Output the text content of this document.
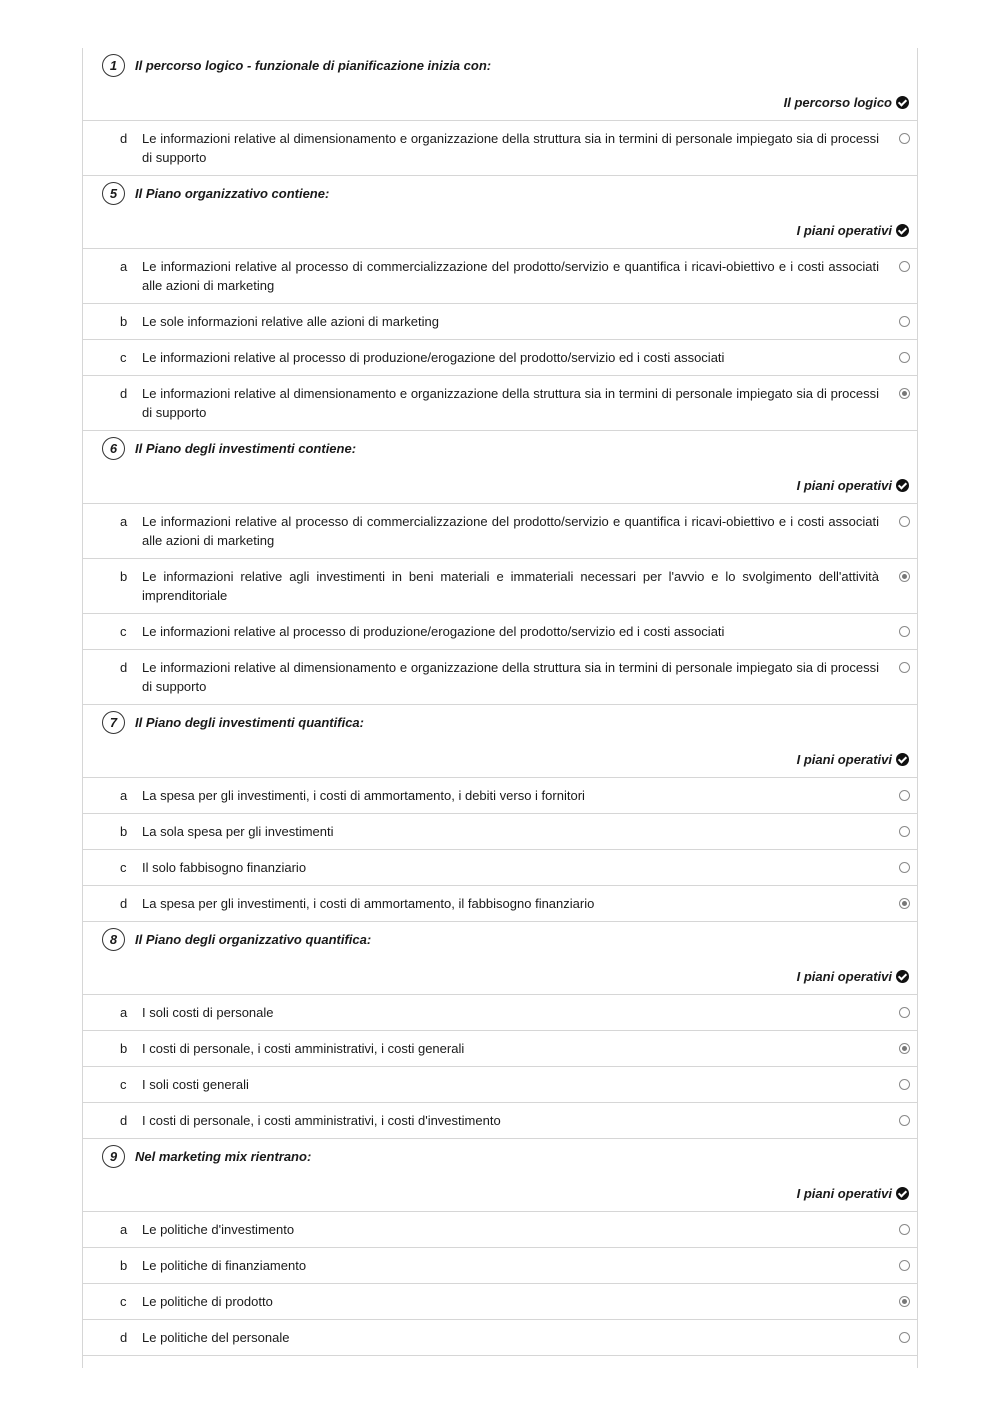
1	Il percorso logico - funzionale di pianificazione inizia con:
Il percorso logico
d Le informazioni relative al dimensionamento e organizzazione della struttura sia in termini di personale impiegato sia di processi di supporto
5	Il Piano organizzativo contiene:
I piani operativi
a Le informazioni relative al processo di commercializzazione del prodotto/servizio e quantifica i ricavi-obiettivo e i costi associati alle azioni di marketing
b Le sole informazioni relative alle azioni di marketing
c Le informazioni relative al processo di produzione/erogazione del prodotto/servizio ed i costi associati
d Le informazioni relative al dimensionamento e organizzazione della struttura sia in termini di personale impiegato sia di processi di supporto
6	Il Piano degli investimenti contiene:
I piani operativi
a Le informazioni relative al processo di commercializzazione del prodotto/servizio e quantifica i ricavi-obiettivo e i costi associati alle azioni di marketing
b Le informazioni relative agli investimenti in beni materiali e immateriali necessari per l'avvio e lo svolgimento dell'attività imprenditoriale
c Le informazioni relative al processo di produzione/erogazione del prodotto/servizio ed i costi associati
d Le informazioni relative al dimensionamento e organizzazione della struttura sia in termini di personale impiegato sia di processi di supporto
7	Il Piano degli investimenti quantifica:
I piani operativi
a La spesa per gli investimenti, i costi di ammortamento, i debiti verso i fornitori
b La sola spesa per gli investimenti
c Il solo fabbisogno finanziario
d La spesa per gli investimenti, i costi di ammortamento, il fabbisogno finanziario
8	Il Piano degli organizzativo quantifica:
I piani operativi
a I soli costi di personale
b I costi di personale, i costi amministrativi, i costi generali
c I soli costi generali
d I costi di personale, i costi amministrativi, i costi d'investimento
9	Nel marketing mix rientrano:
I piani operativi
a Le politiche d'investimento
b Le politiche di finanziamento
c Le politiche di prodotto
d Le politiche del personale
